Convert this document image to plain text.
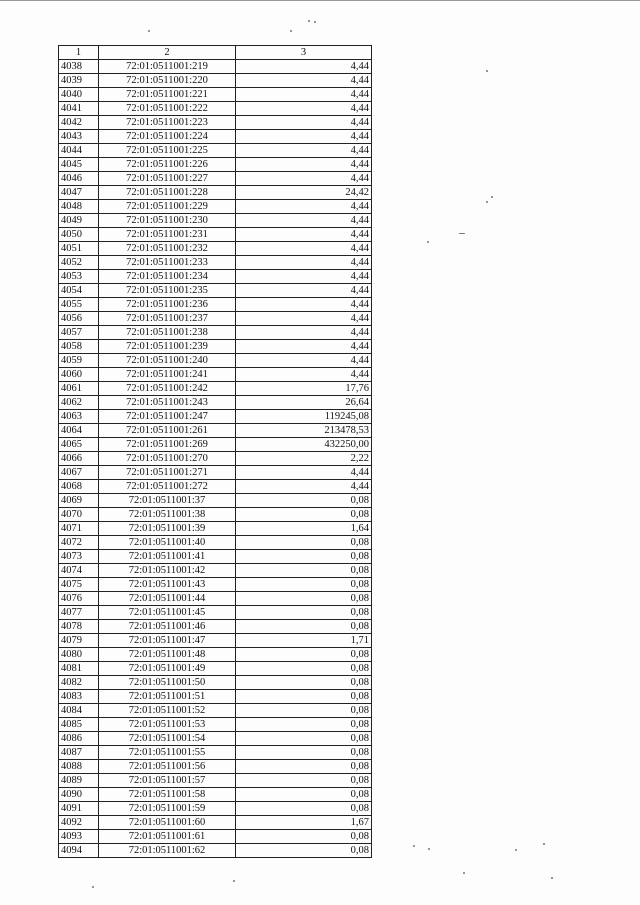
1	2	3
4038	72:01:0511001:219	4,44
4039	72:01:0511001:220	4,44
4040	72:01:0511001:221	4,44
4041	72:01:0511001:222	4,44
4042	72:01:0511001:223	4,44
4043	72:01:0511001:224	4,44
4044	72:01:0511001:225	4,44
4045	72:01:0511001:226	4,44
4046	72:01:0511001:227	4,44
4047	72:01:0511001:228	24,42
4048	72:01:0511001:229	4,44
4049	72:01:0511001:230	4,44
4050	72:01:0511001:231	4,44
4051	72:01:0511001:232	4,44
4052	72:01:0511001:233	4,44
4053	72:01:0511001:234	4,44
4054	72:01:0511001:235	4,44
4055	72:01:0511001:236	4,44
4056	72:01:0511001:237	4,44
4057	72:01:0511001:238	4,44
4058	72:01:0511001:239	4,44
4059	72:01:0511001:240	4,44
4060	72:01:0511001:241	4,44
4061	72:01:0511001:242	17,76
4062	72:01:0511001:243	26,64
4063	72:01:0511001:247	119245,08
4064	72:01:0511001:261	213478,53
4065	72:01:0511001:269	432250,00
4066	72:01:0511001:270	2,22
4067	72:01:0511001:271	4,44
4068	72:01:0511001:272	4,44
4069	72:01:0511001:37	0,08
4070	72:01:0511001:38	0,08
4071	72:01:0511001:39	1,64
4072	72:01:0511001:40	0,08
4073	72:01:0511001:41	0,08
4074	72:01:0511001:42	0,08
4075	72:01:0511001:43	0,08
4076	72:01:0511001:44	0,08
4077	72:01:0511001:45	0,08
4078	72:01:0511001:46	0,08
4079	72:01:0511001:47	1,71
4080	72:01:0511001:48	0,08
4081	72:01:0511001:49	0,08
4082	72:01:0511001:50	0,08
4083	72:01:0511001:51	0,08
4084	72:01:0511001:52	0,08
4085	72:01:0511001:53	0,08
4086	72:01:0511001:54	0,08
4087	72:01:0511001:55	0,08
4088	72:01:0511001:56	0,08
4089	72:01:0511001:57	0,08
4090	72:01:0511001:58	0,08
4091	72:01:0511001:59	0,08
4092	72:01:0511001:60	1,67
4093	72:01:0511001:61	0,08
4094	72:01:0511001:62	0,08
